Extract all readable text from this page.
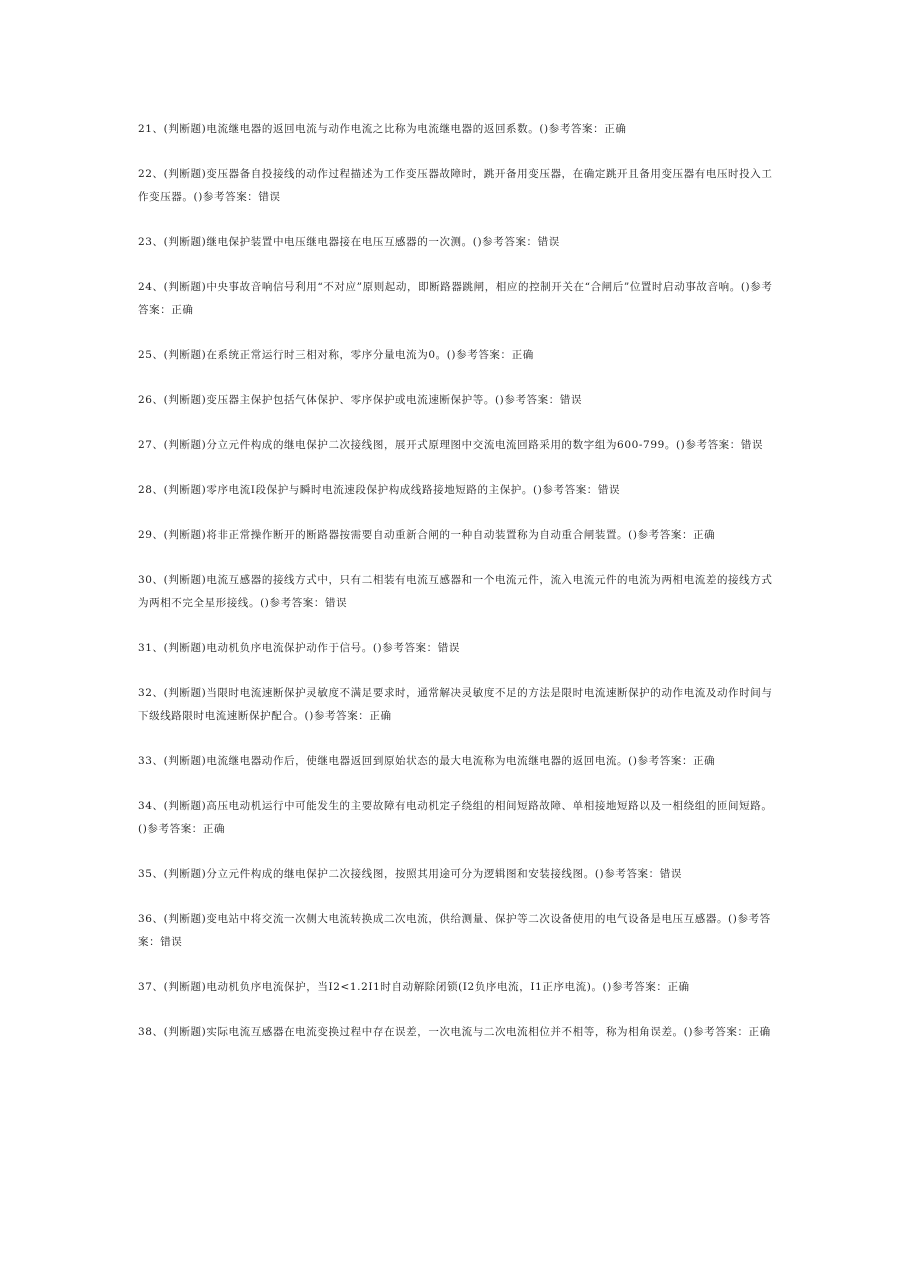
21、(判断题)电流继电器的返回电流与动作电流之比称为电流继电器的返回系数。()参考答案：正确
22、(判断题)变压器备自投接线的动作过程描述为工作变压器故障时，跳开备用变压器，在确定跳开且备用变压器有电压时投入工作变压器。()参考答案：错误
23、(判断题)继电保护装置中电压继电器接在电压互感器的一次测。()参考答案：错误
24、(判断题)中央事故音响信号利用“不对应”原则起动，即断路器跳闸，相应的控制开关在“合闸后”位置时启动事故音响。()参考答案：正确
25、(判断题)在系统正常运行时三相对称，零序分量电流为0。()参考答案：正确
26、(判断题)变压器主保护包括气体保护、零序保护或电流速断保护等。()参考答案：错误
27、(判断题)分立元件构成的继电保护二次接线图，展开式原理图中交流电流回路采用的数字组为600-799。()参考答案：错误
28、(判断题)零序电流Ⅰ段保护与瞬时电流速段保护构成线路接地短路的主保护。()参考答案：错误
29、(判断题)将非正常操作断开的断路器按需要自动重新合闸的一种自动装置称为自动重合闸装置。()参考答案：正确
30、(判断题)电流互感器的接线方式中，只有二相装有电流互感器和一个电流元件，流入电流元件的电流为两相电流差的接线方式为两相不完全星形接线。()参考答案：错误
31、(判断题)电动机负序电流保护动作于信号。()参考答案：错误
32、(判断题)当限时电流速断保护灵敏度不满足要求时，通常解决灵敏度不足的方法是限时电流速断保护的动作电流及动作时间与下级线路限时电流速断保护配合。()参考答案：正确
33、(判断题)电流继电器动作后，使继电器返回到原始状态的最大电流称为电流继电器的返回电流。()参考答案：正确
34、(判断题)高压电动机运行中可能发生的主要故障有电动机定子绕组的相间短路故障、单相接地短路以及一相绕组的匝间短路。()参考答案：正确
35、(判断题)分立元件构成的继电保护二次接线图，按照其用途可分为逻辑图和安装接线图。()参考答案：错误
36、(判断题)变电站中将交流一次侧大电流转换成二次电流，供给测量、保护等二次设备使用的电气设备是电压互感器。()参考答案：错误
37、(判断题)电动机负序电流保护，当I2<1.2I1时自动解除闭锁(I2负序电流，I1正序电流)。()参考答案：正确
38、(判断题)实际电流互感器在电流变换过程中存在误差，一次电流与二次电流相位并不相等，称为相角误差。()参考答案：正确
